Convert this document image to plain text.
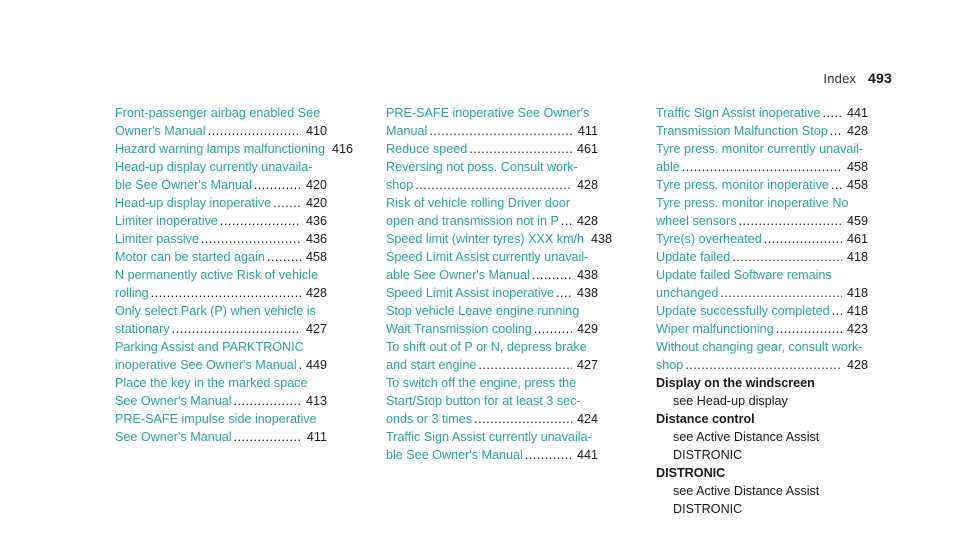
Index 493
Front-passenger airbag enabled See
Owner's Manual .....	410
Hazard warning lamps malfunctioning 416
Head-up display currently unavaila-
ble See Owner's Manual .....	420
Head-up display inoperative .....	420
Limiter inoperative .....	436
Limiter passive .....	436
Motor can be started again .....	458
N permanently active Risk of vehicle
rolling .....	428
Only select Park (P) when vehicle is
stationary .....	427
Parking Assist and PARKTRONIC
inoperative See Owner's Manual ..... 449
Place the key in the marked space
See Owner's Manual .....	413
PRE-SAFE impulse side inoperative
See Owner's Manual .....	411
PRE-SAFE inoperative See Owner's
Manual .....	411
Reduce speed .....	461
Reversing not poss. Consult work-
shop .....	428
Risk of vehicle rolling Driver door
open and transmission not in P ..... 428
Speed limit (winter tyres) XXX km/h 438
Speed Limit Assist currently unavail-
able See Owner's Manual .....	438
Speed Limit Assist inoperative ..... 438
Stop vehicle Leave engine running
Wait Transmission cooling .....	429
To shift out of P or N, depress brake
and start engine .....	427
To switch off the engine, press the
Start/Stop button for at least 3 sec-
onds or 3 times .....	424
Traffic Sign Assist currently unavaila-
ble See Owner's Manual .....	441
Traffic Sign Assist inoperative ..... 441
Transmission Malfunction Stop ..... 428
Tyre press. monitor currently unavail-
able .....	458
Tyre press. monitor inoperative ..... 458
Tyre press. monitor inoperative No
wheel sensors .....	459
Tyre(s) overheated .....	461
Update failed .....	418
Update failed Software remains
unchanged .....	418
Update successfully completed ..... 418
Wiper malfunctioning .....	423
Without changing gear, consult work-
shop .....	428
Display on the windscreen
see Head-up display
Distance control
see Active Distance Assist DISTRONIC
DISTRONIC
see Active Distance Assist DISTRONIC
